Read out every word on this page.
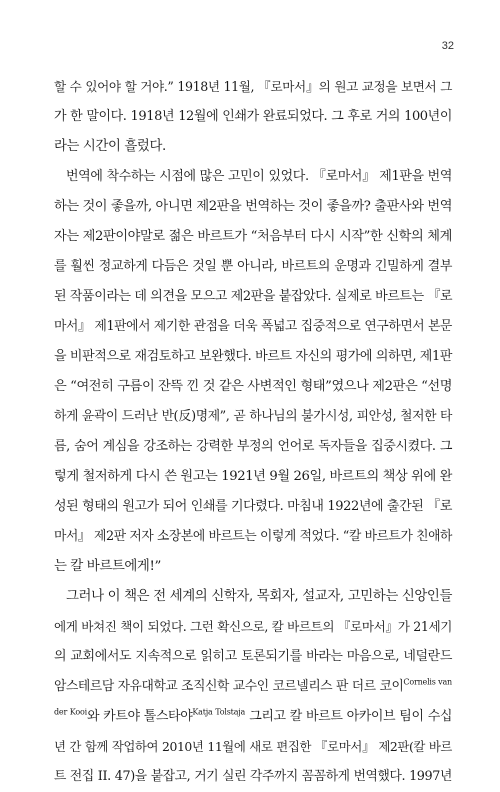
32
할 수 있어야 할 거야.” 1918년 11월, 『로마서』의 원고 교정을 보면서 그
가 한 말이다. 1918년 12월에 인쇄가 완료되었다. 그 후로 거의 100년이
라는 시간이 흘렀다.
번역에 착수하는 시점에 많은 고민이 있었다. 『로마서』 제1판을 번역
하는 것이 좋을까, 아니면 제2판을 번역하는 것이 좋을까? 출판사와 번역
자는 제2판이야말로 젊은 바르트가 “처음부터 다시 시작”한 신학의 체계
를 훨씬 정교하게 다듬은 것일 뿐 아니라, 바르트의 운명과 긴밀하게 결부
된 작품이라는 데 의견을 모으고 제2판을 붙잡았다. 실제로 바르트는 『로
마서』 제1판에서 제기한 관점을 더욱 폭넓고 집중적으로 연구하면서 본문
을 비판적으로 재검토하고 보완했다. 바르트 자신의 평가에 의하면, 제1판
은 “여전히 구름이 잔뜩 낀 것 같은 사변적인 형태”였으나 제2판은 “선명
하게 윤곽이 드러난 반(反)명제”, 곧 하나님의 불가시성, 피안성, 철저한 타
름, 숨어 계심을 강조하는 강력한 부정의 언어로 독자들을 집중시켰다. 그
렇게 철저하게 다시 쓴 원고는 1921년 9월 26일, 바르트의 책상 위에 완
성된 형태의 원고가 되어 인쇄를 기다렸다. 마침내 1922년에 출간된 『로
마서』 제2판 저자 소장본에 바르트는 이렇게 적었다. “칼 바르트가 친애하
는 칼 바르트에게!”
그러나 이 책은 전 세계의 신학자, 목회자, 설교자, 고민하는 신앙인들
에게 바쳐진 책이 되었다. 그런 확신으로, 칼 바르트의 『로마서』가 21세기
의 교회에서도 지속적으로 읽히고 토론되기를 바라는 마음으로, 네덜란드
암스테르담 자유대학교 조직신학 교수인 코르넬리스 판 더르 코이$^{Cornelis van}$
$^{der Kooi}$와 카트야 톨스타야$^{Katja Tolstaja}$ 그리고 칼 바르트 아카이브 팀이 수십
년 간 함께 작업하여 2010년 11월에 새로 편집한 『로마서』 제2판(칼 바르
트 전집 II. 47)을 붙잡고, 거기 실린 각주까지 꼼꼼하게 번역했다. 1997년
